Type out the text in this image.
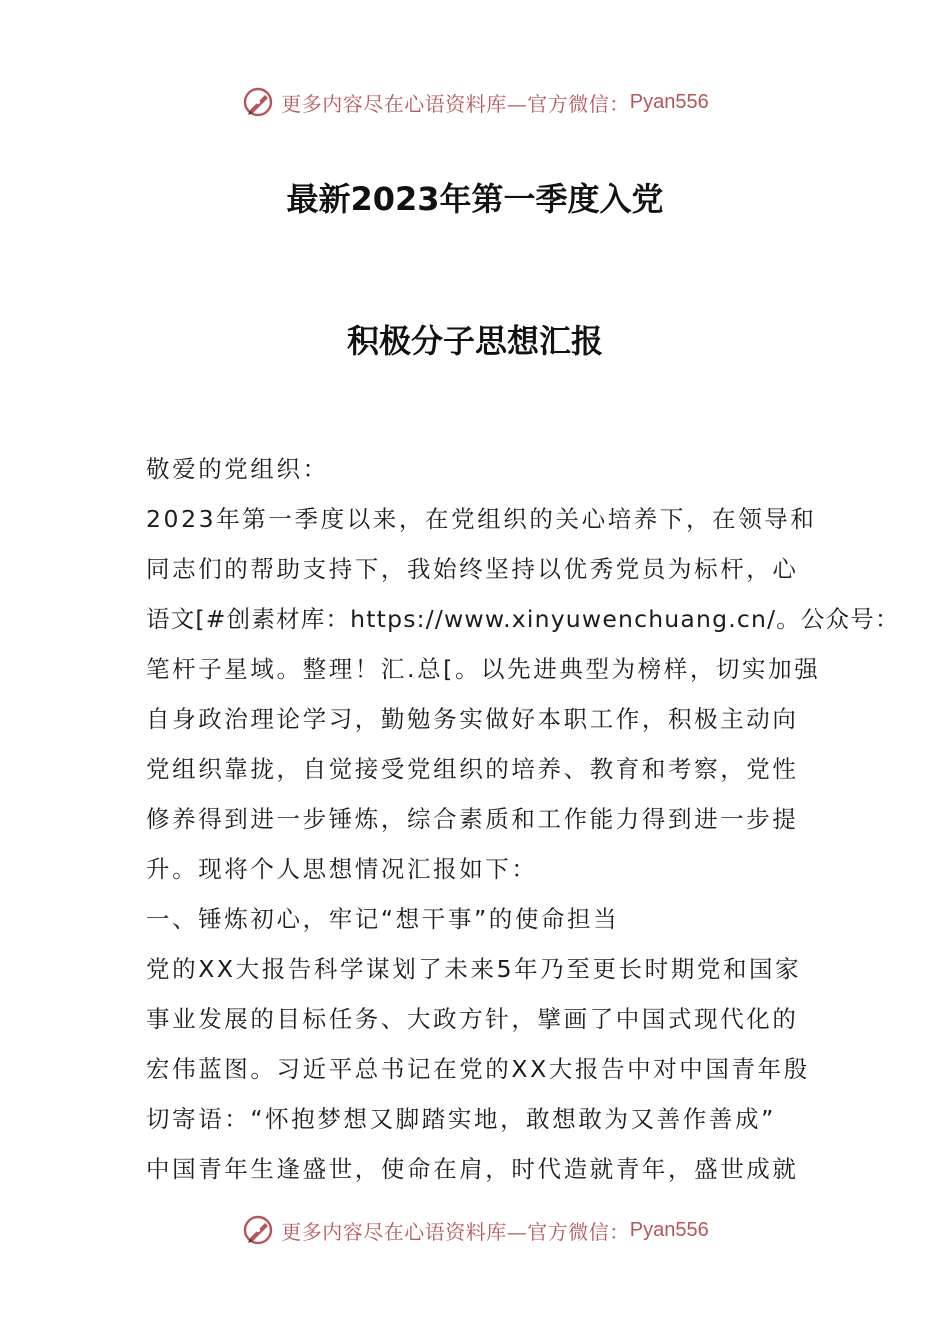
更多内容尽在心语资料库—官方微信： Pyan556
最新2023年第一季度入党
积极分子思想汇报
敬爱的党组织：
2023年第一季度以来，在党组织的关心培养下，在领导和
同志们的帮助支持下，我始终坚持以优秀党员为标杆，心
语文[#创素材库：https://www.xinyuwenchuang.cn/。公众号：
笔杆子星域。整理！汇.总[。以先进典型为榜样，切实加强
自身政治理论学习，勤勉务实做好本职工作，积极主动向
党组织靠拢，自觉接受党组织的培养、教育和考察，党性
修养得到进一步锤炼，综合素质和工作能力得到进一步提
升。现将个人思想情况汇报如下：
一、锤炼初心，牢记“想干事”的使命担当
党的XX大报告科学谋划了未来5年乃至更长时期党和国家
事业发展的目标任务、大政方针，擘画了中国式现代化的
宏伟蓝图。习近平总书记在党的XX大报告中对中国青年殷
切寄语：“怀抱梦想又脚踏实地，敢想敢为又善作善成”
中国青年生逢盛世，使命在肩，时代造就青年，盛世成就
更多内容尽在心语资料库—官方微信： Pyan556
